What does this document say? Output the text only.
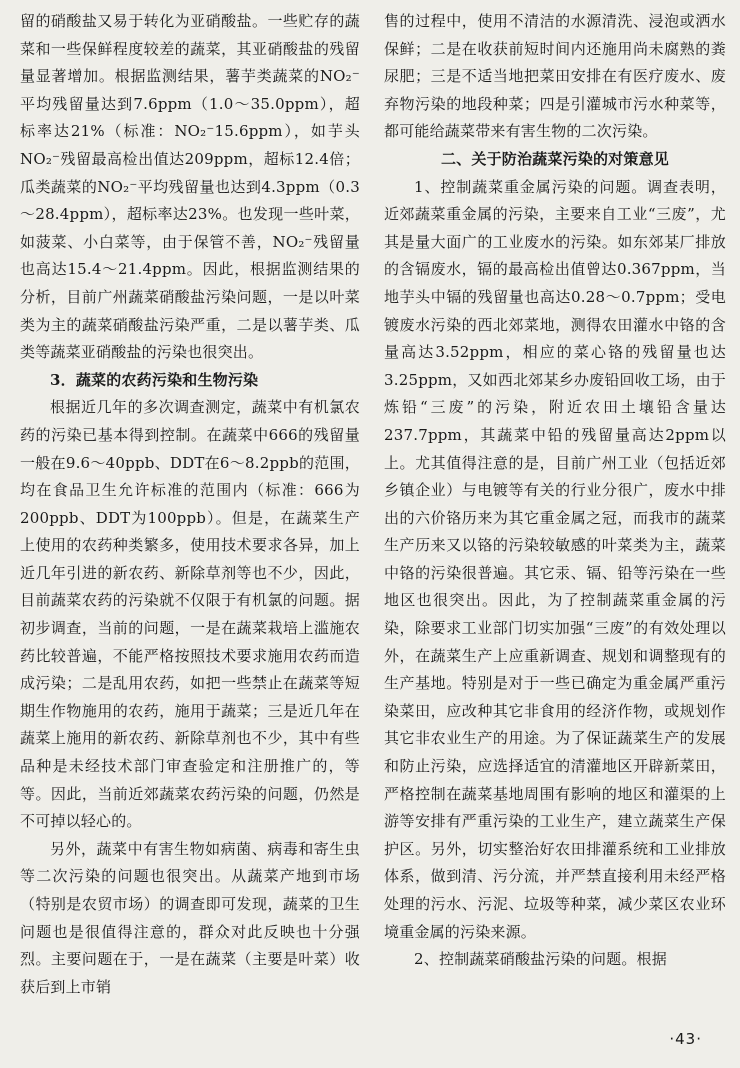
留的硝酸盐又易于转化为亚硝酸盐。一些贮存的蔬菜和一些保鲜程度较差的蔬菜，其亚硝酸盐的残留量显著增加。根据监测结果，薯芋类蔬菜的NO₂⁻平均残留量达到7.6ppm（1.0～35.0ppm），超标率达21%（标准：NO₂⁻15.6ppm），如芋头NO₂⁻残留最高检出值达209ppm，超标12.4倍；瓜类蔬菜的NO₂⁻平均残留量也达到4.3ppm（0.3～28.4ppm），超标率达23%。也发现一些叶菜，如菠菜、小白菜等，由于保管不善，NO₂⁻残留量也高达15.4～21.4ppm。因此，根据监测结果的分析，目前广州蔬菜硝酸盐污染问题，一是以叶菜类为主的蔬菜硝酸盐污染严重，二是以薯芋类、瓜类等蔬菜亚硝酸盐的污染也很突出。

3．蔬菜的农药污染和生物污染

根据近几年的多次调查测定，蔬菜中有机氯农药的污染已基本得到控制。在蔬菜中666的残留量一般在9.6～40ppb、DDT在6～8.2ppb的范围，均在食品卫生允许标准的范围内（标准：666为200ppb、DDT为100ppb）。但是，在蔬菜生产上使用的农药种类繁多，使用技术要求各异，加上近几年引进的新农药、新除草剂等也不少，因此，目前蔬菜农药的污染就不仅限于有机氯的问题。据初步调查，当前的问题，一是在蔬菜栽培上滥施农药比较普遍，不能严格按照技术要求施用农药而造成污染；二是乱用农药，如把一些禁止在蔬菜等短期生作物施用的农药，施用于蔬菜；三是近几年在蔬菜上施用的新农药、新除草剂也不少，其中有些品种是未经技术部门审查验定和注册推广的，等等。因此，当前近郊蔬菜农药污染的问题，仍然是不可掉以轻心的。

另外，蔬菜中有害生物如病菌、病毒和寄生虫等二次污染的问题也很突出。从蔬菜产地到市场（特别是农贸市场）的调查即可发现，蔬菜的卫生问题也是很值得注意的，群众对此反映也十分强烈。主要问题在于，一是在蔬菜（主要是叶菜）收获后到上市销

售的过程中，使用不清洁的水源清洗、浸泡或洒水保鲜；二是在收获前短时间内还施用尚未腐熟的粪尿肥；三是不适当地把菜田安排在有医疗废水、废弃物污染的地段种菜；四是引灌城市污水种菜等，都可能给蔬菜带来有害生物的二次污染。

二、关于防治蔬菜污染的对策意见

1、控制蔬菜重金属污染的问题。调查表明，近郊蔬菜重金属的污染，主要来自工业“三废”，尤其是量大面广的工业废水的污染。如东郊某厂排放的含镉废水，镉的最高检出值曾达0.367ppm，当地芋头中镉的残留量也高达0.28～0.7ppm；受电镀废水污染的西北郊菜地，测得农田灌水中铬的含量高达3.52ppm，相应的菜心铬的残留量也达3.25ppm，又如西北郊某乡办废铅回收工场，由于炼铅“三废”的污染，附近农田土壤铅含量达237.7ppm，其蔬菜中铅的残留量高达2ppm以上。尤其值得注意的是，目前广州工业（包括近郊乡镇企业）与电镀等有关的行业分很广，废水中排出的六价铬历来为其它重金属之冠，而我市的蔬菜生产历来又以铬的污染较敏感的叶菜类为主，蔬菜中铬的污染很普遍。其它汞、镉、铅等污染在一些地区也很突出。因此，为了控制蔬菜重金属的污染，除要求工业部门切实加强“三废”的有效处理以外，在蔬菜生产上应重新调查、规划和调整现有的生产基地。特别是对于一些已确定为重金属严重污染菜田，应改种其它非食用的经济作物，或规划作其它非农业生产的用途。为了保证蔬菜生产的发展和防止污染，应选择适宜的清灌地区开辟新菜田，严格控制在蔬菜基地周围有影响的地区和灌渠的上游等安排有严重污染的工业生产，建立蔬菜生产保护区。另外，切实整治好农田排灌系统和工业排放体系，做到清、污分流，并严禁直接利用未经严格处理的污水、污泥、垃圾等种菜，减少菜区农业环境重金属的污染来源。

2、控制蔬菜硝酸盐污染的问题。根据

·43·
